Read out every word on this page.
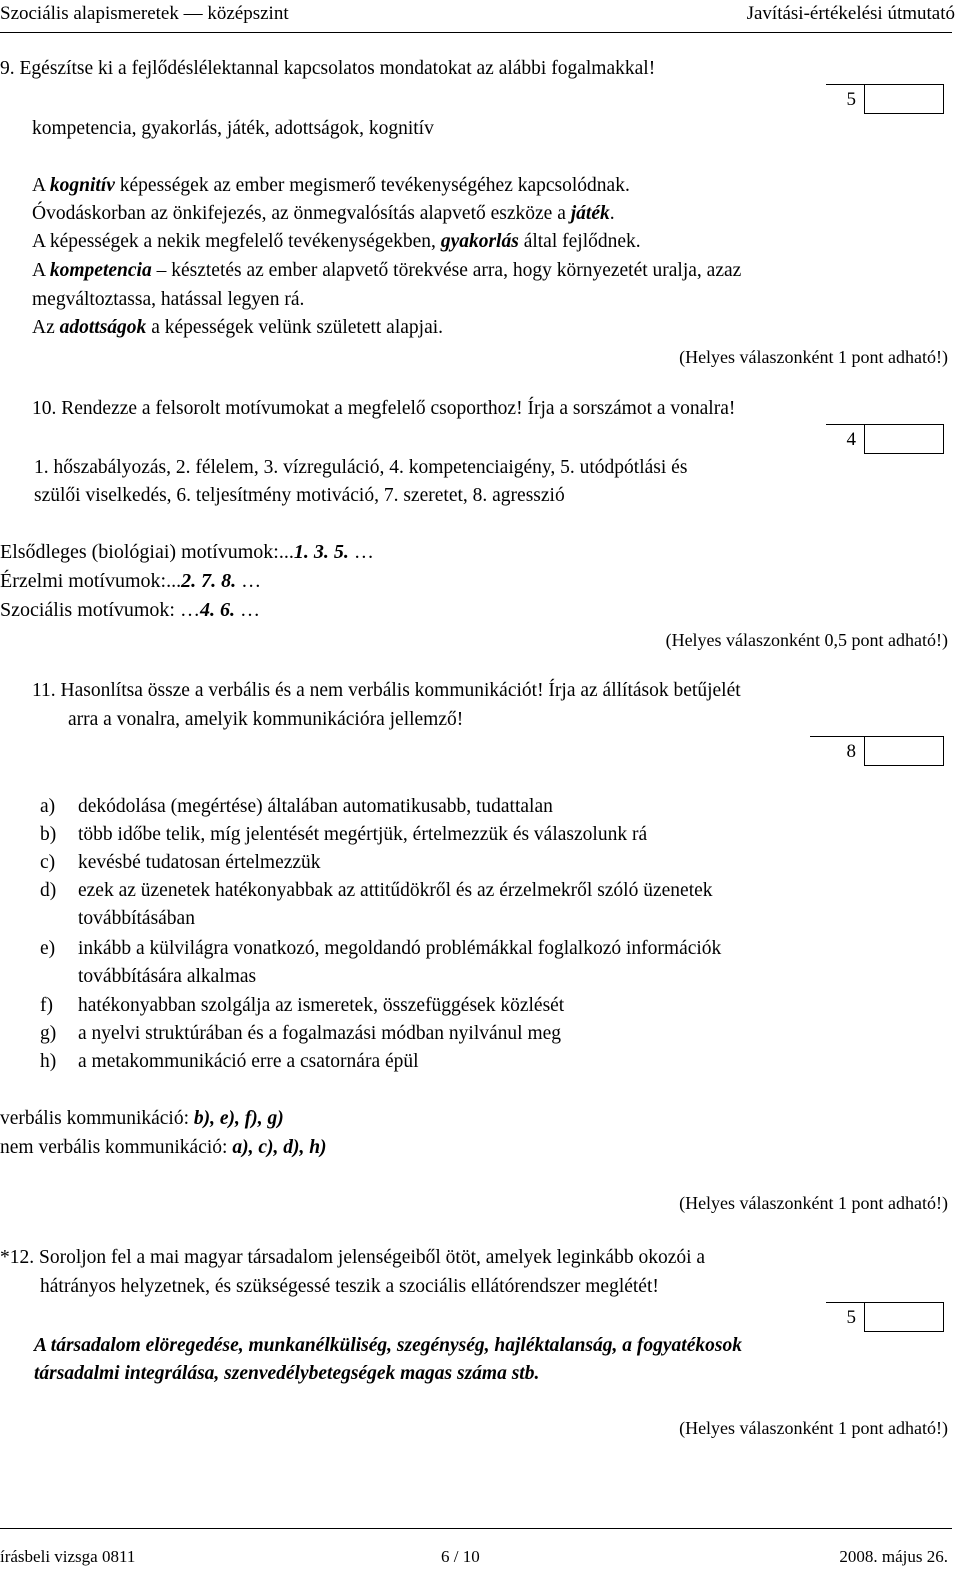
Szociális alapismeretek — középszint	Javítási-értékelési útmutató
9. Egészítse ki a fejlődéslélektannal kapcsolatos mondatokat az alábbi fogalmakkal!
5
kompetencia, gyakorlás, játék, adottságok, kognitív
A kognitív képességek az ember megismerő tevékenységéhez kapcsolódnak.
Óvodáskorban az önkifejezés, az önmegvalósítás alapvető eszköze a játék.
A képességek a nekik megfelelő tevékenységekben, gyakorlás által fejlődnek.
A kompetencia – késztetés az ember alapvető törekvése arra, hogy környezetét uralja, azaz
megváltoztassa, hatással legyen rá.
Az adottságok a képességek velünk született alapjai.
(Helyes válaszonként 1 pont adható!)
10. Rendezze a felsorolt motívumokat a megfelelő csoporthoz! Írja a sorszámot a vonalra!
4
1. hőszabályozás, 2. félelem, 3. vízreguláció, 4. kompetenciaigény, 5. utódpótlási és
szülői viselkedés, 6. teljesítmény motiváció, 7. szeretet, 8. agresszió
Elsődleges (biológiai) motívumok:...1. 3. 5. …
Érzelmi motívumok:...2. 7. 8. …
Szociális motívumok: …4. 6. …
(Helyes válaszonként 0,5 pont adható!)
11. Hasonlítsa össze a verbális és a nem verbális kommunikációt! Írja az állítások betűjelét
arra a vonalra, amelyik kommunikációra jellemző!
8
a) dekódolása (megértése) általában automatikusabb, tudattalan
b) több időbe telik, míg jelentését megértjük, értelmezzük és válaszolunk rá
c) kevésbé tudatosan értelmezzük
d) ezek az üzenetek hatékonyabbak az attitűdökről és az érzelmekről szóló üzenetek
továbbításában
e) inkább a külvilágra vonatkozó, megoldandó problémákkal foglalkozó információk
továbbítására alkalmas
f) hatékonyabban szolgálja az ismeretek, összefüggések közlését
g) a nyelvi struktúrában és a fogalmazási módban nyilvánul meg
h) a metakommunikáció erre a csatornára épül
verbális kommunikáció: b), e), f), g)
nem verbális kommunikáció: a), c), d), h)
(Helyes válaszonként 1 pont adható!)
*12. Soroljon fel a mai magyar társadalom jelenségeiből ötöt, amelyek leginkább okozói a
hátrányos helyzetnek, és szükségessé teszik a szociális ellátórendszer meglétét!
5
A társadalom elöregedése, munkanélküliség, szegénység, hajléktalanság, a fogyatékosok
társadalmi integrálása, szenvedélybetegségek magas száma stb.
(Helyes válaszonként 1 pont adható!)
írásbeli vizsga 0811	6 / 10	2008. május 26.
